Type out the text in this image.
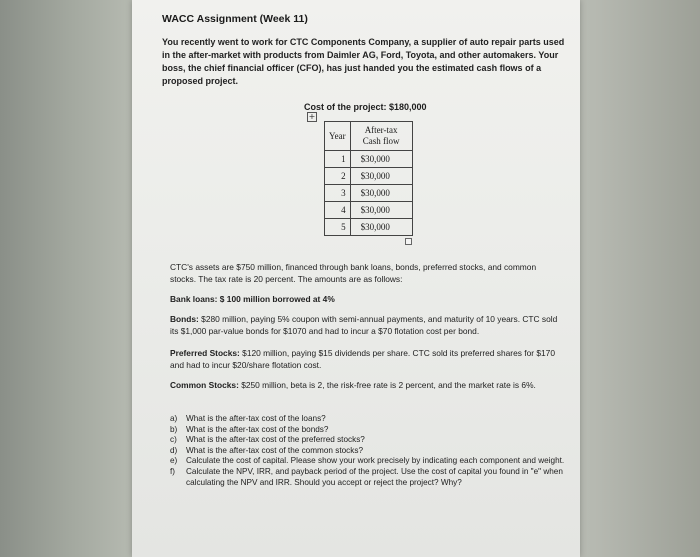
WACC Assignment (Week 11)
You recently went to work for CTC Components Company, a supplier of auto repair parts used in the after-market with products from Daimler AG, Ford, Toyota, and other automakers. Your boss, the chief financial officer (CFO), has just handed you the estimated cash flows of a proposed project.
Cost of the project: $180,000
+
Year	After-tax
Cash flow
1	$30,000
2	$30,000
3	$30,000
4	$30,000
5	$30,000
CTC's assets are $750 million, financed through bank loans, bonds, preferred stocks, and common stocks. The tax rate is 20 percent. The amounts are as follows:
Bank loans: $ 100 million borrowed at 4%
Bonds: $280 million, paying 5% coupon with semi-annual payments, and maturity of 10 years. CTC sold its $1,000 par-value bonds for $1070 and had to incur a $70 flotation cost per bond.
Preferred Stocks: $120 million, paying $15 dividends per share. CTC sold its preferred shares for $170 and had to incur $20/share flotation cost.
Common Stocks: $250 million, beta is 2, the risk-free rate is 2 percent, and the market rate is 6%.
a)	What is the after-tax cost of the loans?
b)	What is the after-tax cost of the bonds?
c)	What is the after-tax cost of the preferred stocks?
d)	What is the after-tax cost of the common stocks?
e)	Calculate the cost of capital. Please show your work precisely by indicating each component and weight.
f)	Calculate the NPV, IRR, and payback period of the project. Use the cost of capital you found in "e" when calculating the NPV and IRR. Should you accept or reject the project? Why?
